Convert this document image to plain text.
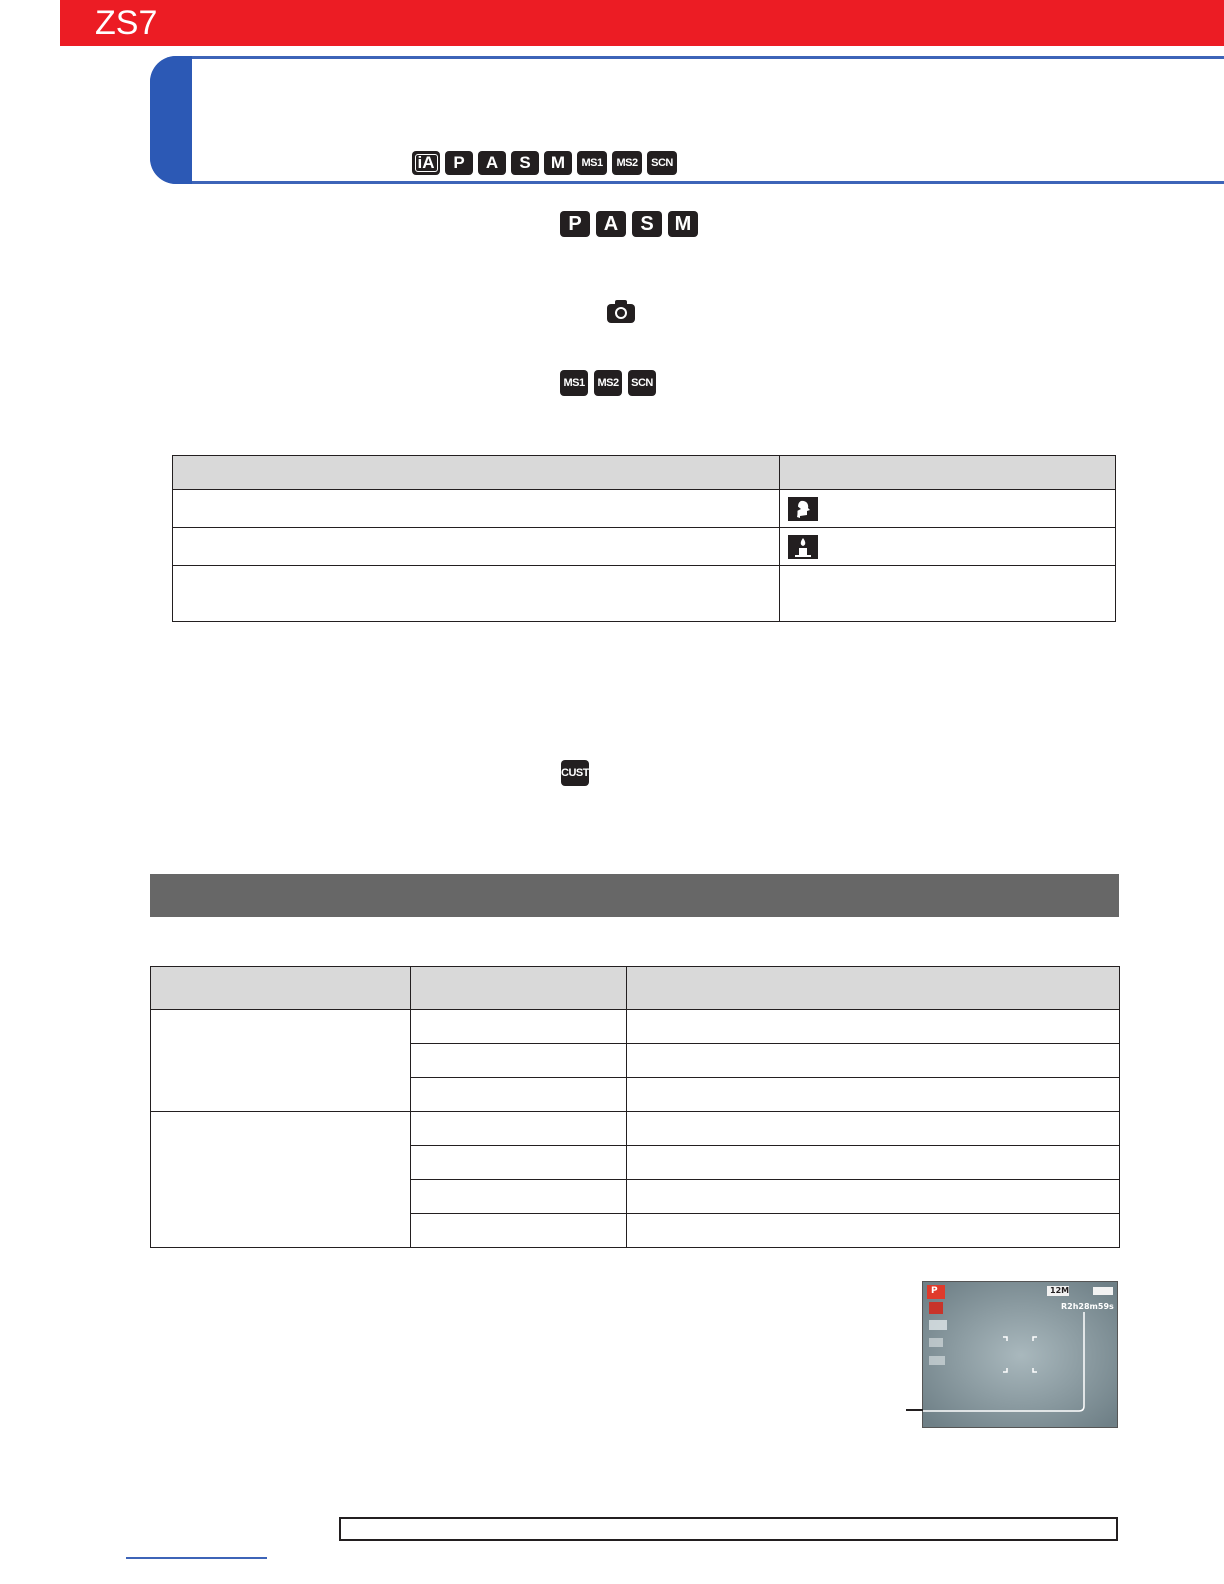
ZS7
iA	P	A	S	M	MS1	MS2	SCN
P	A	S	M
MS1	MS2	SCN

CUST

P	12M
R2h28m59s
